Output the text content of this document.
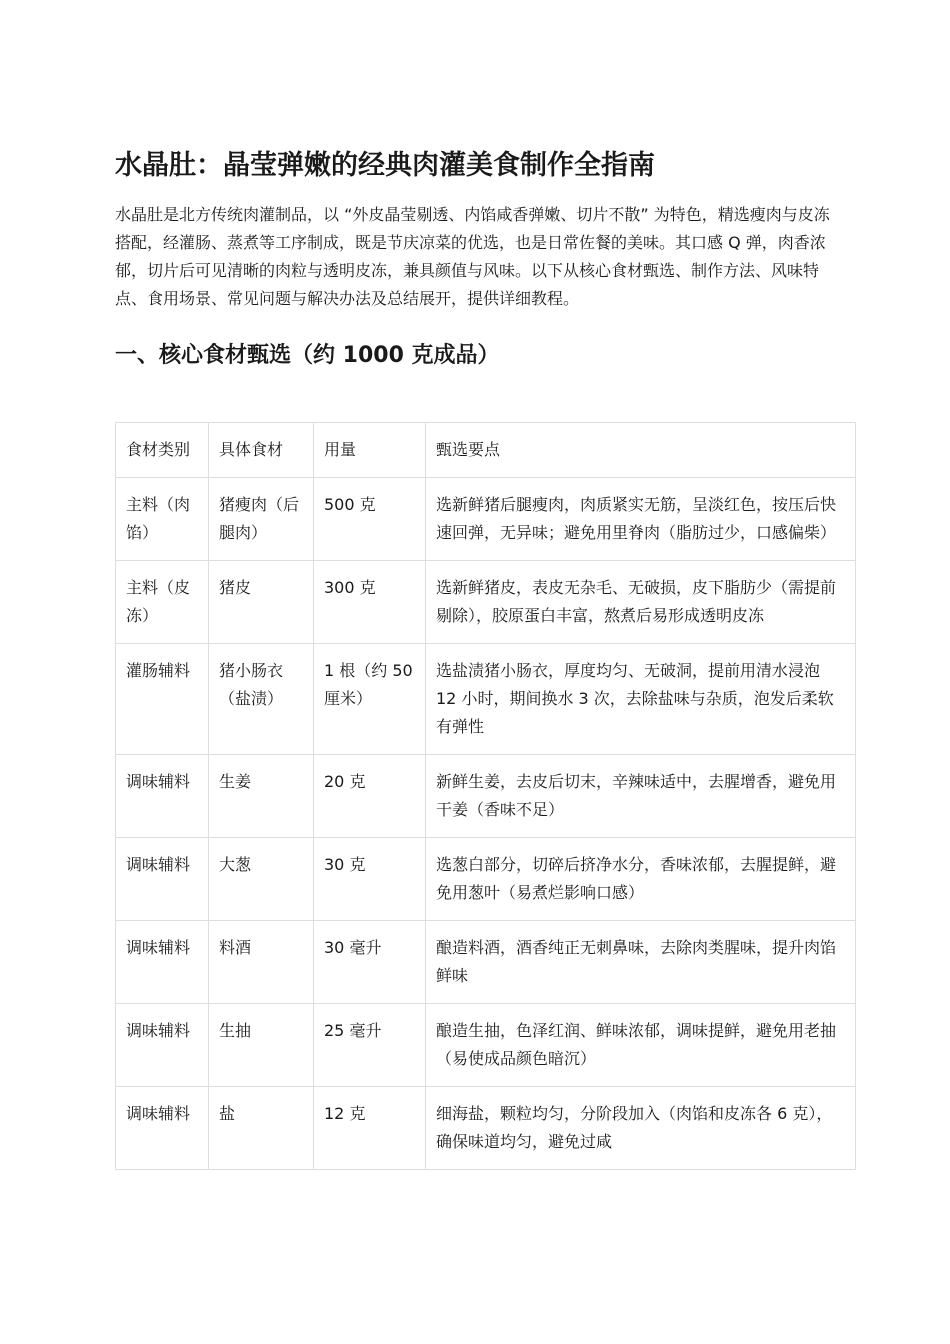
水晶肚：晶莹弹嫩的经典肉灌美食制作全指南

水晶肚是北方传统肉灌制品，以 “外皮晶莹剔透、内馅咸香弹嫩、切片不散” 为特色，精选瘦肉与皮冻搭配，经灌肠、蒸煮等工序制成，既是节庆凉菜的优选，也是日常佐餐的美味。其口感 Q 弹，肉香浓郁，切片后可见清晰的肉粒与透明皮冻，兼具颜值与风味。以下从核心食材甄选、制作方法、风味特点、食用场景、常见问题与解决办法及总结展开，提供详细教程。

一、核心食材甄选（约 1000 克成品）
食材类别	具体食材	用量	甄选要点
主料（肉馅）	猪瘦肉（后腿肉）	500 克	选新鲜猪后腿瘦肉，肉质紧实无筋，呈淡红色，按压后快速回弹，无异味；避免用里脊肉（脂肪过少，口感偏柴）
主料（皮冻）	猪皮	300 克	选新鲜猪皮，表皮无杂毛、无破损，皮下脂肪少（需提前剔除），胶原蛋白丰富，熬煮后易形成透明皮冻
灌肠辅料	猪小肠衣（盐渍）	1 根（约 50 厘米）	选盐渍猪小肠衣，厚度均匀、无破洞，提前用清水浸泡 12 小时，期间换水 3 次，去除盐味与杂质，泡发后柔软有弹性
调味辅料	生姜	20 克	新鲜生姜，去皮后切末，辛辣味适中，去腥增香，避免用干姜（香味不足）
调味辅料	大葱	30 克	选葱白部分，切碎后挤净水分，香味浓郁，去腥提鲜，避免用葱叶（易煮烂影响口感）
调味辅料	料酒	30 毫升	酿造料酒，酒香纯正无刺鼻味，去除肉类腥味，提升肉馅鲜味
调味辅料	生抽	25 毫升	酿造生抽，色泽红润、鲜味浓郁，调味提鲜，避免用老抽（易使成品颜色暗沉）
调味辅料	盐	12 克	细海盐，颗粒均匀，分阶段加入（肉馅和皮冻各 6 克），确保味道均匀，避免过咸
